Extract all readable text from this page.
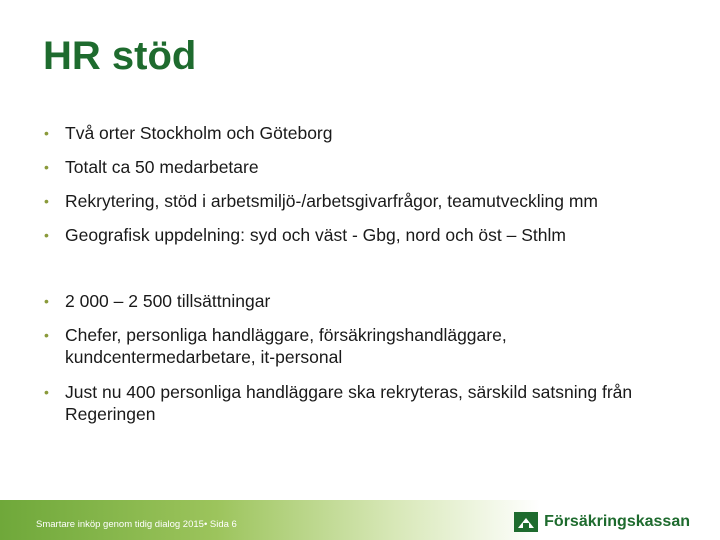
HR stöd
• Två orter Stockholm och Göteborg
• Totalt ca 50 medarbetare
• Rekrytering, stöd i arbetsmiljö-/arbetsgivarfrågor, teamutveckling mm
• Geografisk uppdelning: syd och väst - Gbg, nord och öst – Sthlm
• 2 000 – 2 500 tillsättningar
• Chefer, personliga handläggare, försäkringshandläggare, kundcentermedarbetare, it-personal
• Just nu 400 personliga handläggare ska rekryteras, särskild satsning från Regeringen
Smartare inköp genom tidig dialog 2015• Sida 6	Försäkringskassan
